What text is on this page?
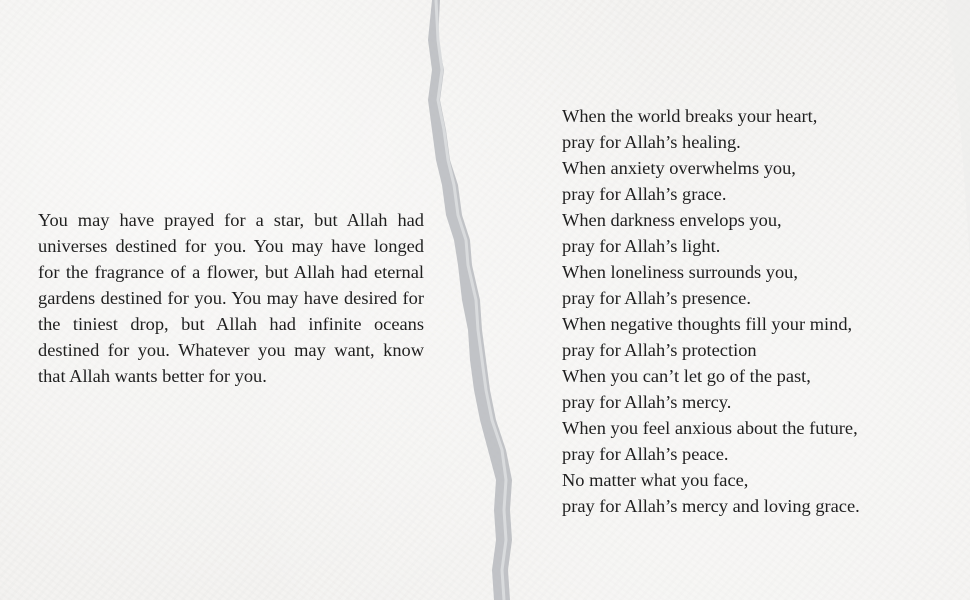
You may have prayed for a star, but Allah had universes destined for you. You may have longed for the fragrance of a flower, but Allah had eternal gardens destined for you. You may have desired for the tiniest drop, but Allah had infinite oceans destined for you. Whatever you may want, know that Allah wants better for you.

When the world breaks your heart,
pray for Allah’s healing.
When anxiety overwhelms you,
pray for Allah’s grace.
When darkness envelops you,
pray for Allah’s light.
When loneliness surrounds you,
pray for Allah’s presence.
When negative thoughts fill your mind,
pray for Allah’s protection
When you can’t let go of the past,
pray for Allah’s mercy.
When you feel anxious about the future,
pray for Allah’s peace.
No matter what you face,
pray for Allah’s mercy and loving grace.
